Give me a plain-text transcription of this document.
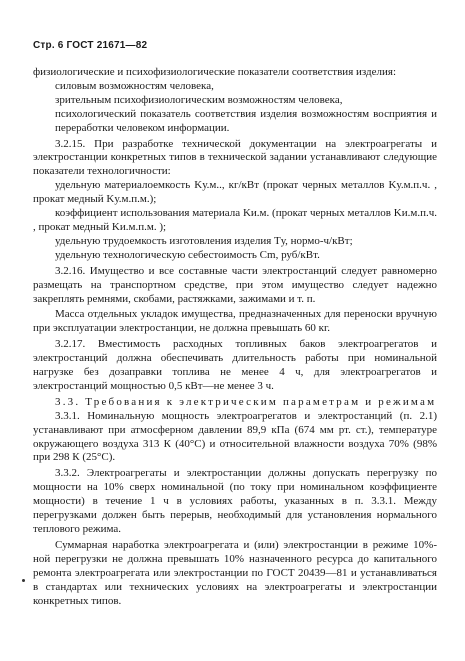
Стр. 6 ГОСТ 21671—82

физиологические и психофизиологические показатели соответствия изделия:

силовым возможностям человека,

зрительным психофизиологическим возможностям человека,

психологический показатель соответствия изделия возможностям восприятия и переработки человеком информации.

3.2.15. При разработке технической документации на электроагрегаты и электростанции конкретных типов в технической задании устанавливают следующие показатели технологичности:

удельную материалоемкость Kу.м.., кг/кВт (прокат черных металлов Kу.м.п.ч. , прокат медный Kу.м.п.м.);

коэффициент использования материала Kи.м. (прокат черных металлов Kи.м.п.ч. , прокат медный Kи.м.п.м. );

удельную трудоемкость изготовления изделия Tу, нормо-ч/кВт;

удельную технологическую себестоимость Cm, руб/кВт.

3.2.16. Имущество и все составные части электростанций следует равномерно размещать на транспортном средстве, при этом имущество следует надежно закреплять ремнями, скобами, растяжками, зажимами и т. п.

Масса отдельных укладок имущества, предназначенных для переноски вручную при эксплуатации электростанции, не должна превышать 60 кг.

3.2.17. Вместимость расходных топливных баков электроагрегатов и электростанций должна обеспечивать длительность работы при номинальной нагрузке без дозаправки топлива не менее 4 ч, для электроагрегатов и электростанций мощностью 0,5 кВт—не менее 3 ч.

3.3. Требования к электрическим параметрам и режимам

3.3.1. Номинальную мощность электроагрегатов и электростанций (п. 2.1) устанавливают при атмосферном давлении 89,9 кПа (674 мм рт. ст.), температуре окружающего воздуха 313 К (40°С) и относительной влажности воздуха 70% (98% при 298 К (25°С).

3.3.2. Электроагрегаты и электростанции должны допускать перегрузку по мощности на 10% сверх номинальной (по току при номинальном коэффициенте мощности) в течение 1 ч в условиях работы, указанных в п. 3.3.1. Между перегрузками должен быть перерыв, необходимый для установления нормального теплового режима.

Суммарная наработка электроагрегата и (или) электростанции в режиме 10%-ной перегрузки не должна превышать 10% назначенного ресурса до капитального ремонта электроагрегата или электростанции по ГОСТ 20439—81 и устанавливаться в стандартах или технических условиях на электроагрегаты и электростанции конкретных типов.
